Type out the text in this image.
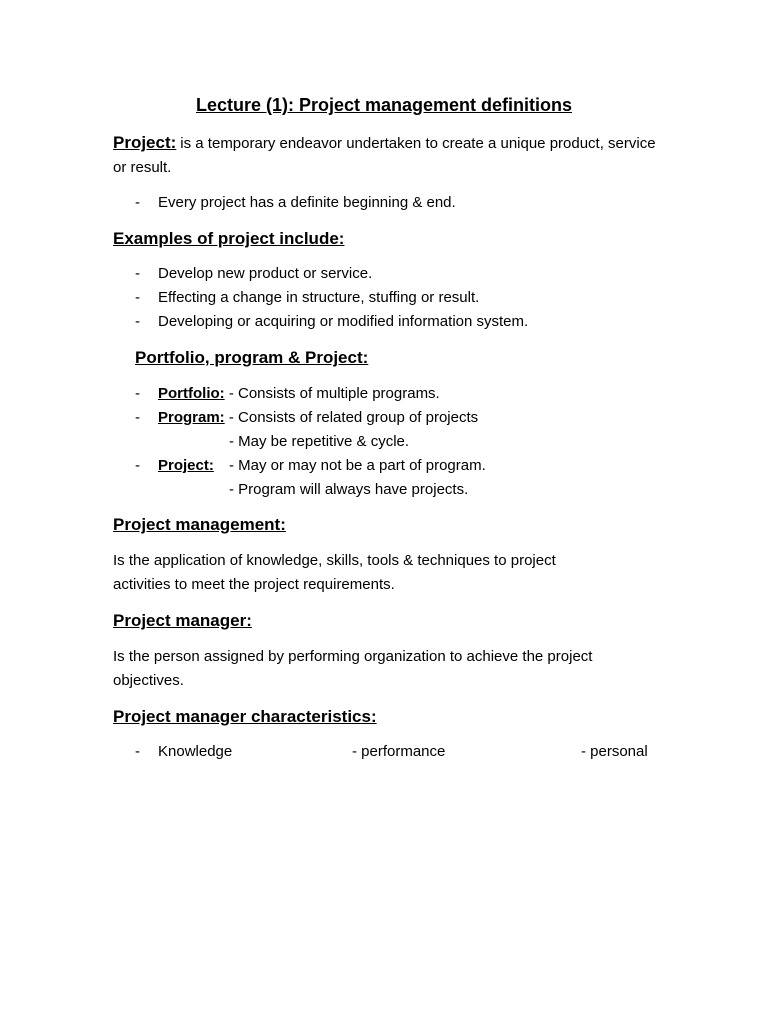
Lecture (1): Project management definitions
Project: is a temporary endeavor undertaken to create a unique product, service or result.
- Every project has a definite beginning & end.
Examples of project include:
- Develop new product or service.
- Effecting a change in structure, stuffing or result.
- Developing or acquiring or modified information system.
Portfolio, program & Project:
- Portfolio: - Consists of multiple programs.
- Program: - Consists of related group of projects
- May be repetitive & cycle.
- Project: - May or may not be a part of program.
- Program will always have projects.
Project management:
Is the application of knowledge, skills, tools & techniques to project activities to meet the project requirements.
Project manager:
Is the person assigned by performing organization to achieve the project objectives.
Project manager characteristics:
- Knowledge	- performance	- personal
